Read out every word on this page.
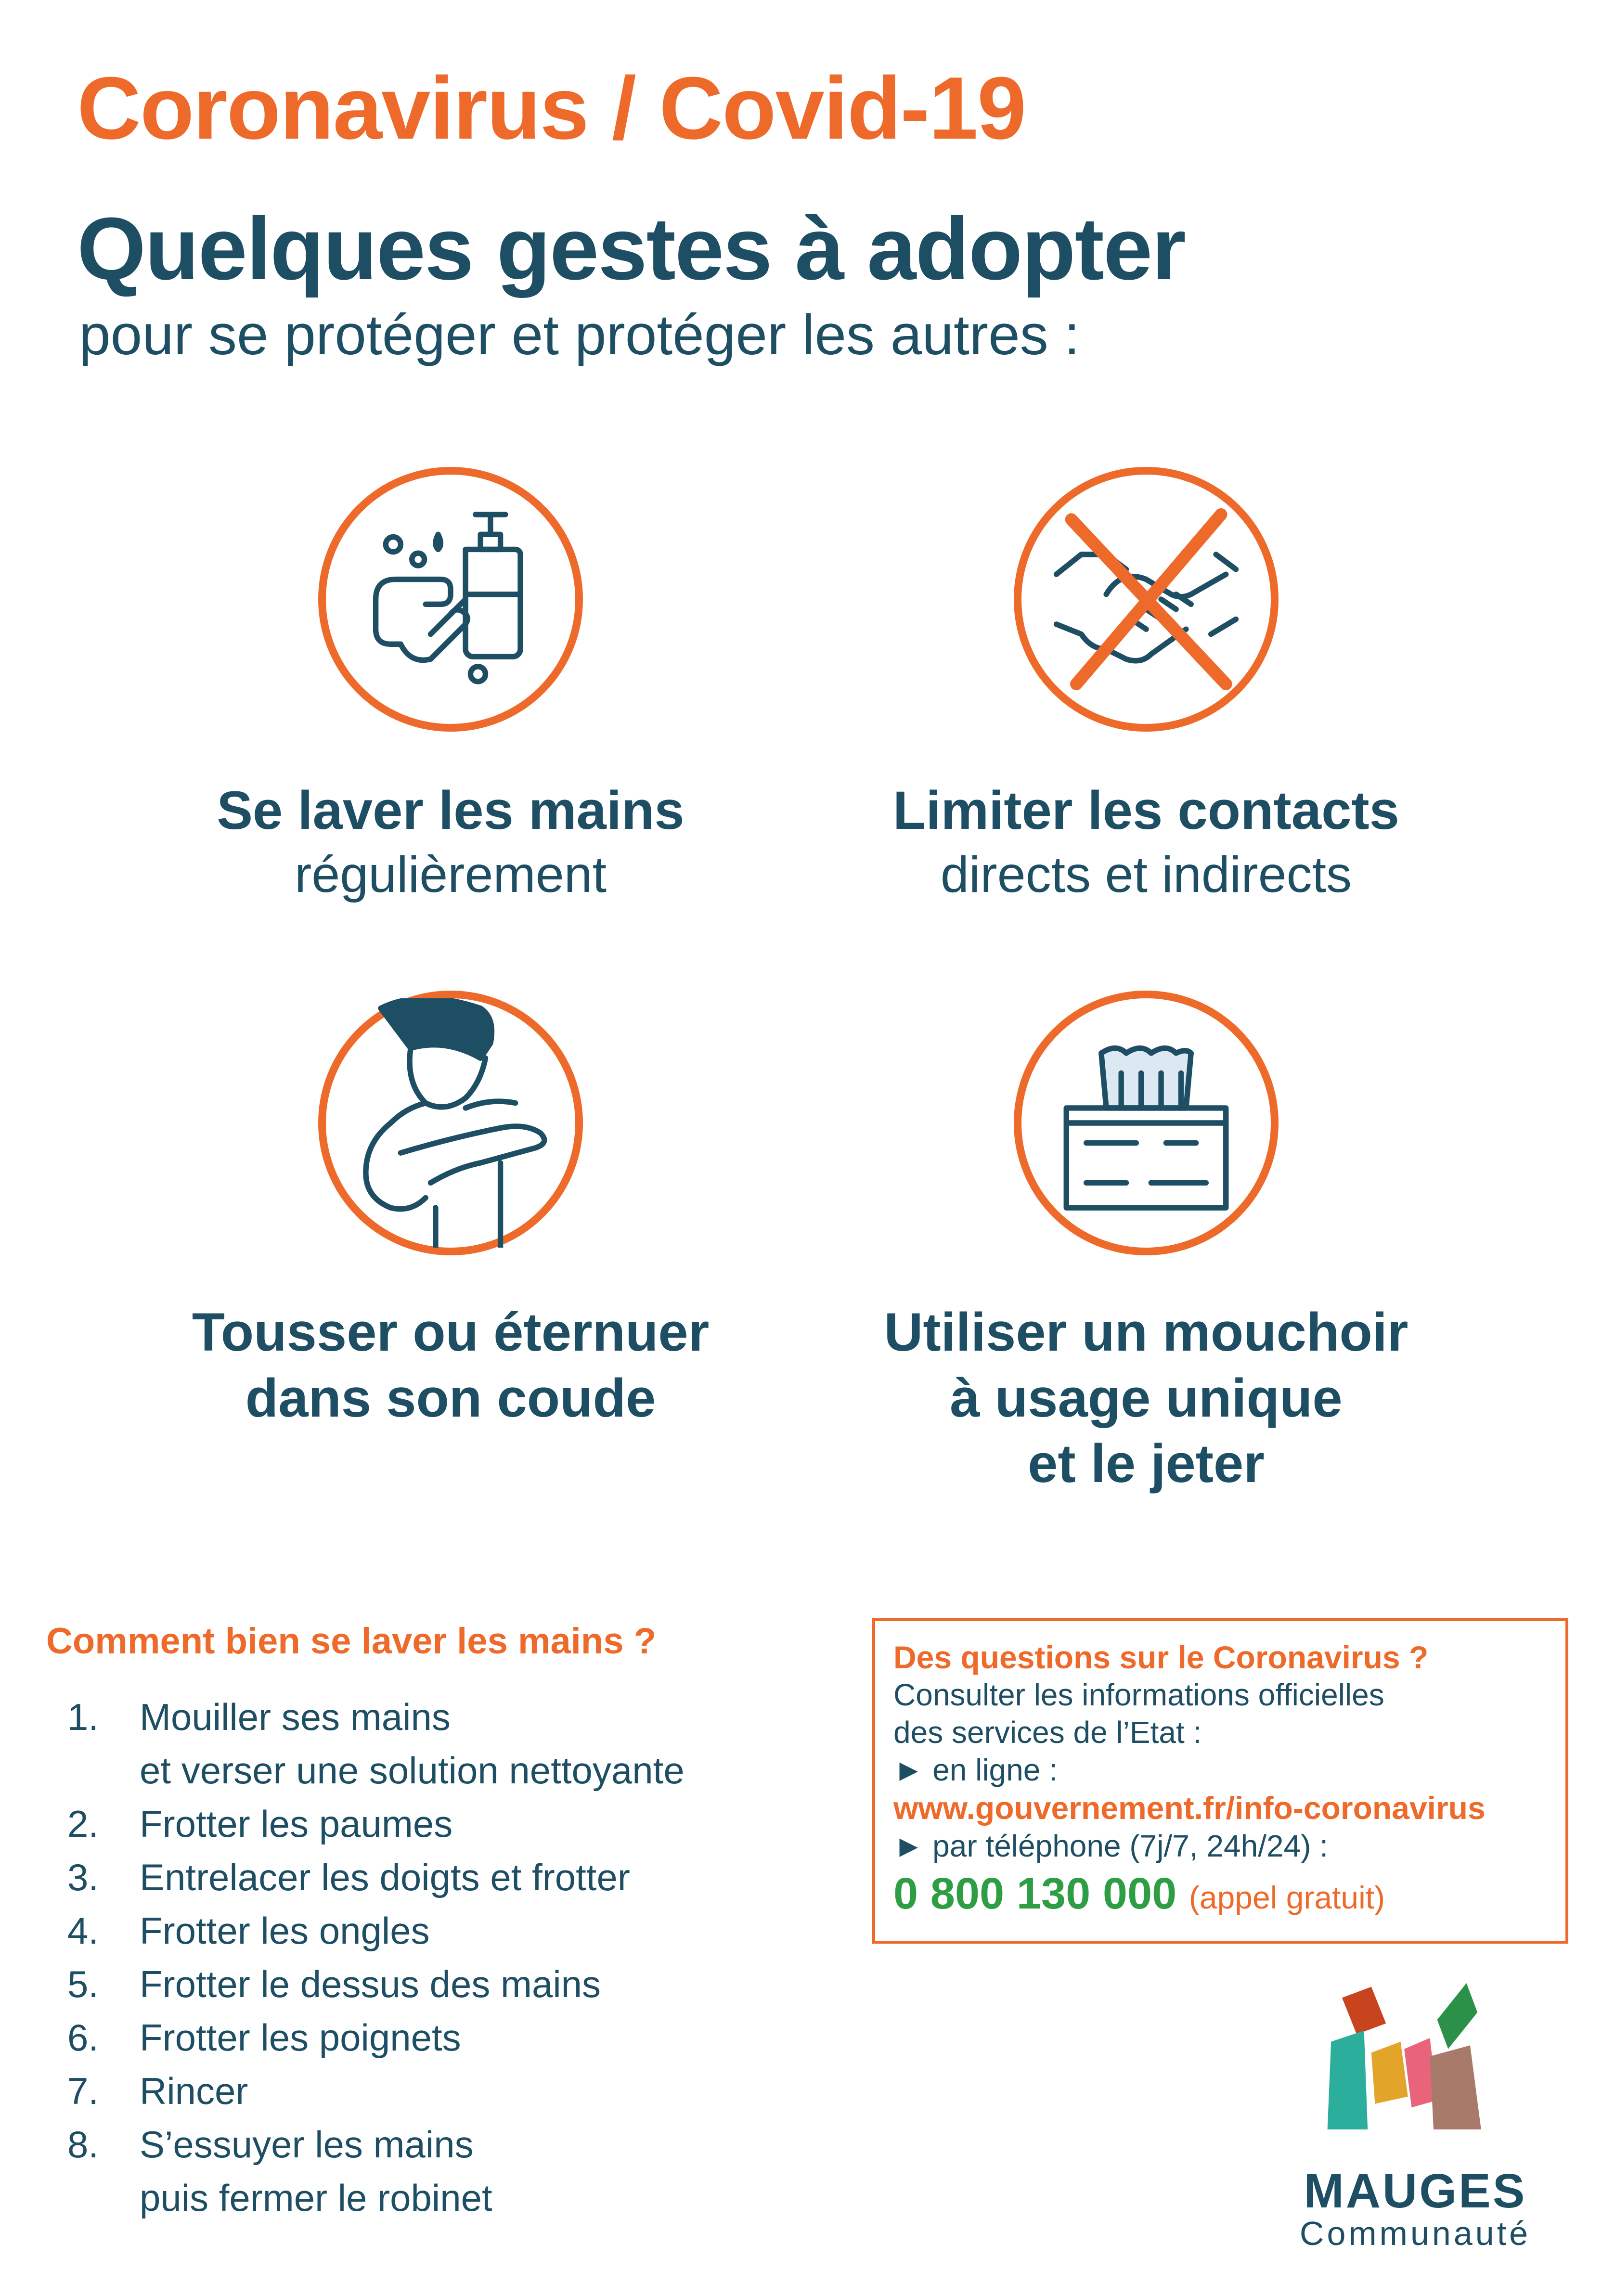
Coronavirus / Covid-19
Quelques gestes à adopter
pour se protéger et protéger les autres :
Se laver les mains
régulièrement
Limiter les contacts
directs et indirects
Tousser ou éternuer
dans son coude
Utiliser un mouchoir
à usage unique
et le jeter
Comment bien se laver les mains ?
1. Mouiller ses mains
et verser une solution nettoyante
2. Frotter les paumes
3. Entrelacer les doigts et frotter
4. Frotter les ongles
5. Frotter le dessus des mains
6. Frotter les poignets
7. Rincer
8. S’essuyer les mains
puis fermer le robinet
Des questions sur le Coronavirus ?
Consulter les informations officielles
des services de l’Etat :
► en ligne :
www.gouvernement.fr/info-coronavirus
► par téléphone (7j/7, 24h/24) :
0 800 130 000 (appel gratuit)
MAUGES
Communauté
